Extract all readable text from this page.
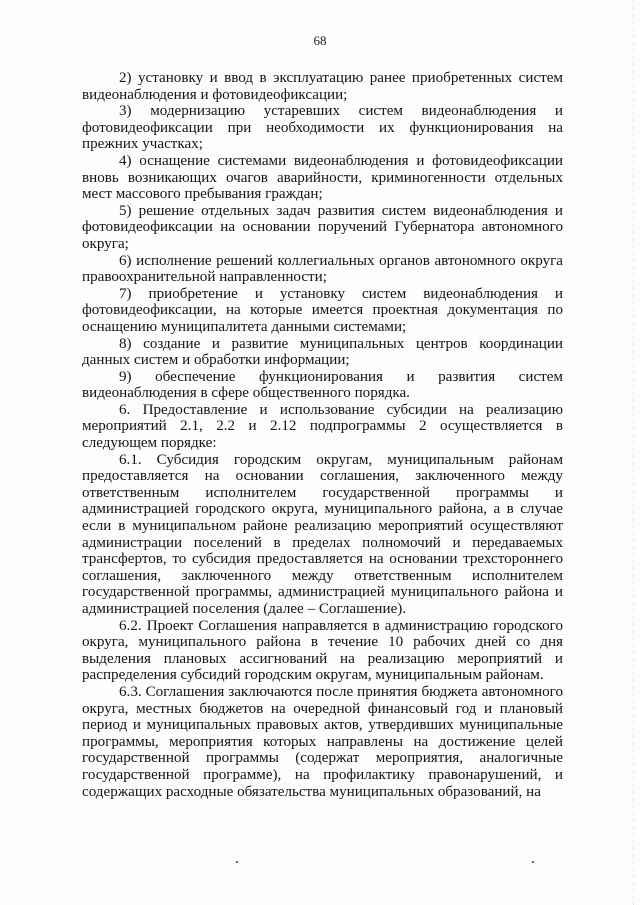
68

2) установку и ввод в эксплуатацию ранее приобретенных систем видеонаблюдения и фотовидеофиксации;

3) модернизацию устаревших систем видеонаблюдения и фотовидеофиксации при необходимости их функционирования на прежних участках;

4) оснащение системами видеонаблюдения и фотовидеофиксации вновь возникающих очагов аварийности, криминогенности отдельных мест массового пребывания граждан;

5) решение отдельных задач развития систем видеонаблюдения и фотовидеофиксации на основании поручений Губернатора автономного округа;

6) исполнение решений коллегиальных органов автономного округа правоохранительной направленности;

7) приобретение и установку систем видеонаблюдения и фотовидеофиксации, на которые имеется проектная документация по оснащению муниципалитета данными системами;

8) создание и развитие муниципальных центров координации данных систем и обработки информации;

9) обеспечение функционирования и развития систем видеонаблюдения в сфере общественного порядка.

6. Предоставление и использование субсидии на реализацию мероприятий 2.1, 2.2 и 2.12 подпрограммы 2 осуществляется в следующем порядке:

6.1. Субсидия городским округам, муниципальным районам предоставляется на основании соглашения, заключенного между ответственным исполнителем государственной программы и администрацией городского округа, муниципального района, а в случае если в муниципальном районе реализацию мероприятий осуществляют администрации поселений в пределах полномочий и передаваемых трансфертов, то субсидия предоставляется на основании трехстороннего соглашения, заключенного между ответственным исполнителем государственной программы, администрацией муниципального района и администрацией поселения (далее – Соглашение).

6.2. Проект Соглашения направляется в администрацию городского округа, муниципального района в течение 10 рабочих дней со дня выделения плановых ассигнований на реализацию мероприятий и распределения субсидий городским округам, муниципальным районам.

6.3. Соглашения заключаются после принятия бюджета автономного округа, местных бюджетов на очередной финансовый год и плановый период и муниципальных правовых актов, утвердивших муниципальные программы, мероприятия которых направлены на достижение целей государственной программы (содержат мероприятия, аналогичные государственной программе), на профилактику правонарушений, и содержащих расходные обязательства муниципальных образований, на
